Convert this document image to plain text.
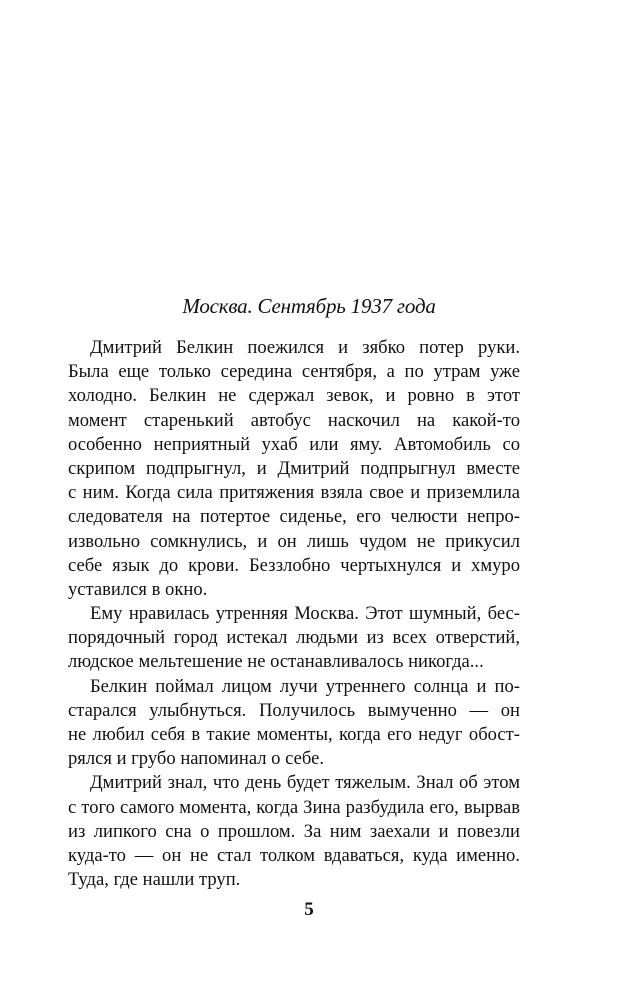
Москва. Сентябрь 1937 года
Дмитрий Белкин поежился и зябко потер руки.
Была еще только середина сентября, а по утрам уже
холодно. Белкин не сдержал зевок, и ровно в этот
момент старенький автобус наскочил на какой-то
особенно неприятный ухаб или яму. Автомобиль со
скрипом подпрыгнул, и Дмитрий подпрыгнул вместе
с ним. Когда сила притяжения взяла свое и приземлила
следователя на потертое сиденье, его челюсти непро-
извольно сомкнулись, и он лишь чудом не прикусил
себе язык до крови. Беззлобно чертыхнулся и хмуро
уставился в окно.
Ему нравилась утренняя Москва. Этот шумный, бес-
порядочный город истекал людьми из всех отверстий,
людское мельтешение не останавливалось никогда...
Белкин поймал лицом лучи утреннего солнца и по-
старался улыбнуться. Получилось вымученно — он
не любил себя в такие моменты, когда его недуг обост-
рялся и грубо напоминал о себе.
Дмитрий знал, что день будет тяжелым. Знал об этом
с того самого момента, когда Зина разбудила его, вырвав
из липкого сна о прошлом. За ним заехали и повезли
куда-то — он не стал толком вдаваться, куда именно.
Туда, где нашли труп.
5
